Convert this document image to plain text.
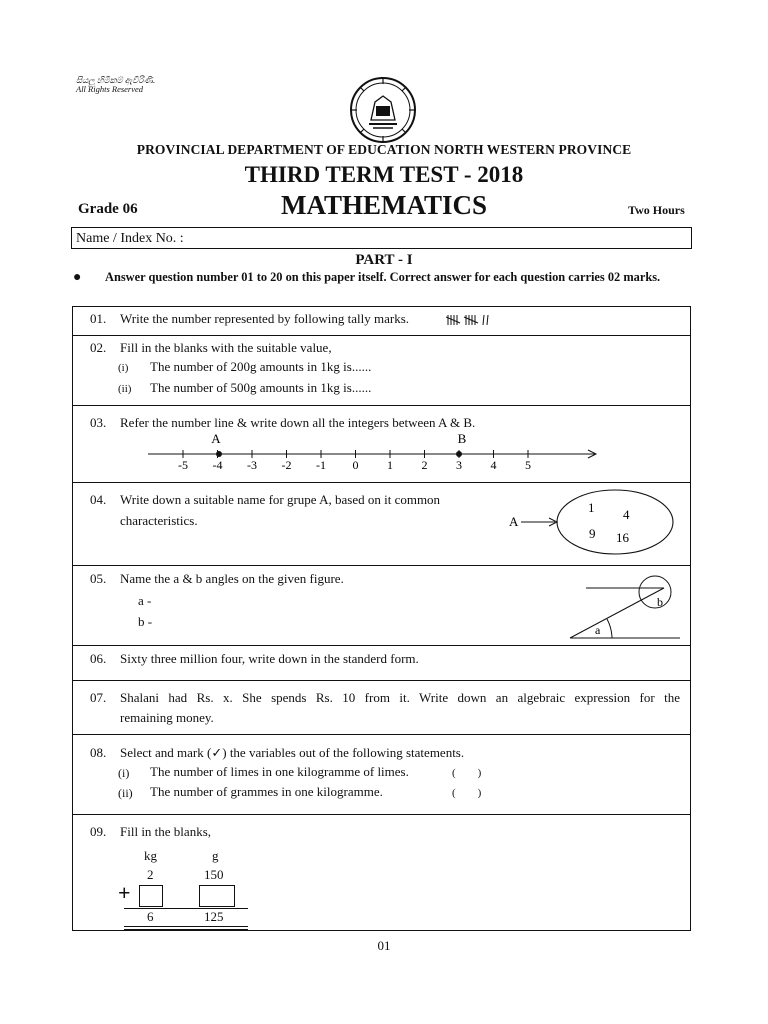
සියලු හිමිකම් ඇවිරිණි.
All Rights Reserved
PROVINCIAL DEPARTMENT OF EDUCATION NORTH WESTERN PROVINCE
THIRD TERM TEST - 2018
MATHEMATICS
Grade 06	Two Hours
Name / Index No. :
PART - I
● Answer question number 01 to 20 on this paper itself. Correct answer for each question carries 02 marks.
01. Write the number represented by following tally marks.
02. Fill in the blanks with the suitable value,
(i) The number of 200g amounts in 1kg is......
(ii) The number of 500g amounts in 1kg is......
03. Refer the number line & write down all the integers between A & B.
-5 -4 -3 -2 -1 0 1 2 3 4 5
A	B
04. Write down a suitable name for grupe A, based on it common
characteristics.	A
1 4
9 16
05. Name the a & b angles on the given figure.
a -
b -
a
b
06. Sixty three million four, write down in the standerd form.
07. Shalani had Rs. x. She spends Rs. 10 from it. Write down an algebraic expression for the
remaining money.
08. Select and mark (✓) the variables out of the following statements.
(i) The number of limes in one kilogramme of limes.	(        )
(ii) The number of grammes in one kilogramme.	(        )
09. Fill in the blanks,
kg	g
2	150
+
6	125
01
